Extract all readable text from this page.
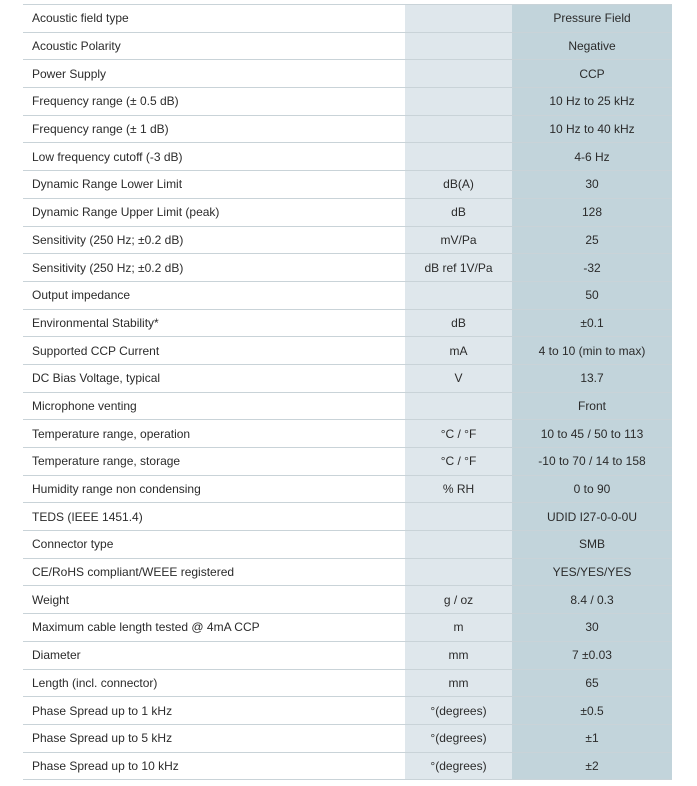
Acoustic field type		Pressure Field
Acoustic Polarity		Negative
Power Supply		CCP
Frequency range (± 0.5 dB)		10 Hz to 25 kHz
Frequency range (± 1 dB)		10 Hz to 40 kHz
Low frequency cutoff (-3 dB)		4-6 Hz
Dynamic Range Lower Limit	dB(A)	30
Dynamic Range Upper Limit (peak)	dB	128
Sensitivity (250 Hz; ±0.2 dB)	mV/Pa	25
Sensitivity (250 Hz; ±0.2 dB)	dB ref 1V/Pa	-32
Output impedance		50
Environmental Stability*	dB	±0.1
Supported CCP Current	mA	4 to 10 (min to max)
DC Bias Voltage, typical	V	13.7
Microphone venting		Front
Temperature range, operation	°C / °F	10 to 45 / 50 to 113
Temperature range, storage	°C / °F	-10 to 70 / 14 to 158
Humidity range non condensing	% RH	0 to 90
TEDS (IEEE 1451.4)		UDID I27-0-0-0U
Connector type		SMB
CE/RoHS compliant/WEEE registered		YES/YES/YES
Weight	g / oz	8.4 / 0.3
Maximum cable length tested @ 4mA CCP	m	30
Diameter	mm	7 ±0.03
Length (incl. connector)	mm	65
Phase Spread up to 1 kHz	°(degrees)	±0.5
Phase Spread up to 5 kHz	°(degrees)	±1
Phase Spread up to 10 kHz	°(degrees)	±2
